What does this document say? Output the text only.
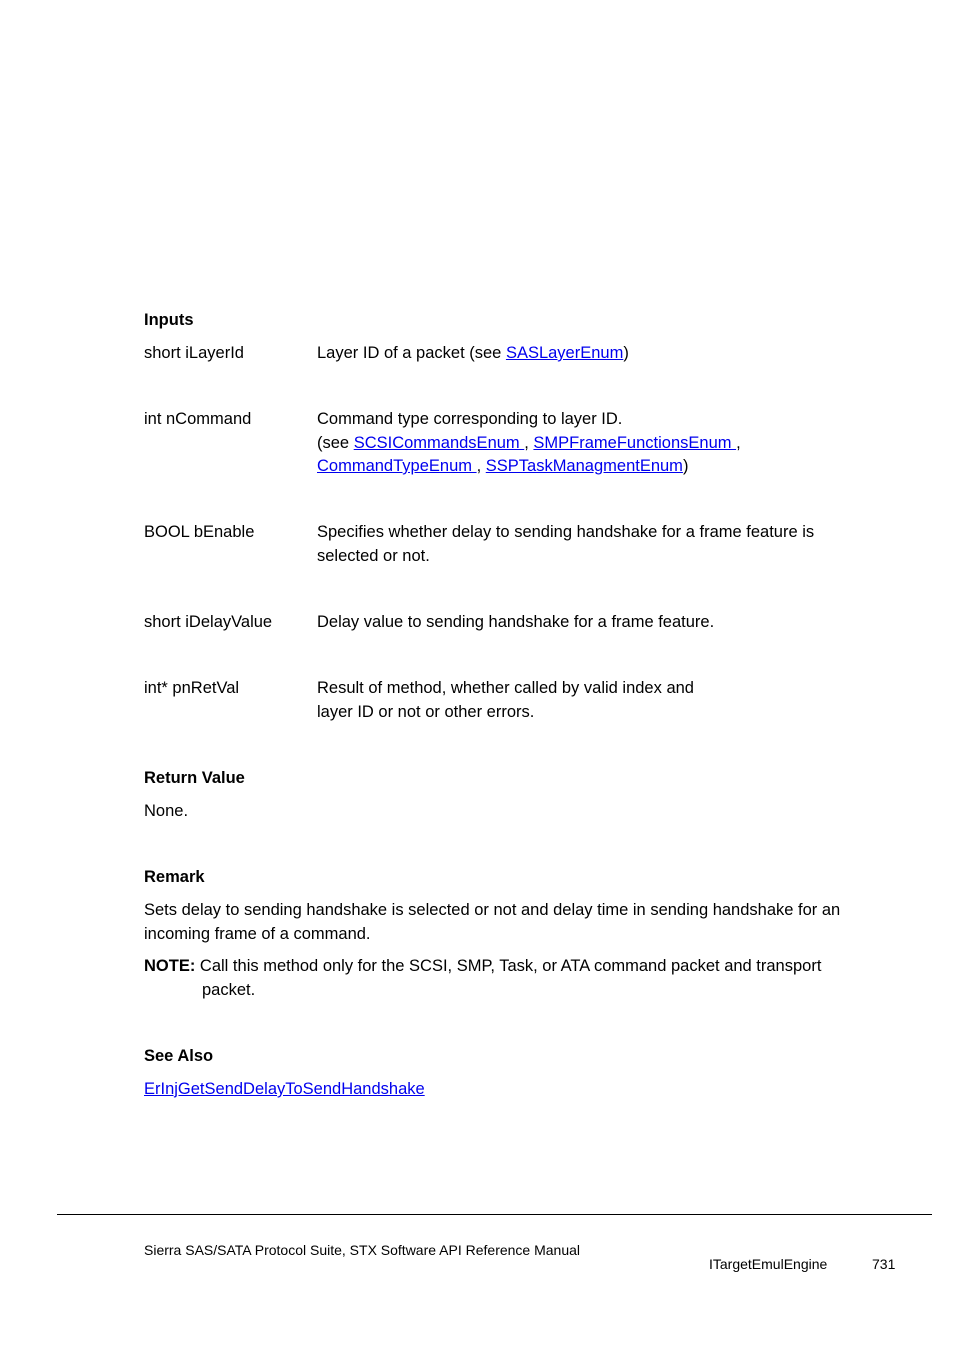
Inputs
short iLayerId	Layer ID of a packet (see SASLayerEnum)
int nCommand	Command type corresponding to layer ID.
(see SCSICommandsEnum , SMPFrameFunctionsEnum ,
CommandTypeEnum , SSPTaskManagmentEnum)
BOOL bEnable	Specifies whether delay to sending handshake for a frame feature is selected or not.
short iDelayValue	Delay value to sending handshake for a frame feature.
int* pnRetVal	Result of method, whether called by valid index and
layer ID or not or other errors.
Return Value
None.
Remark
Sets delay to sending handshake is selected or not and delay time in sending handshake for an incoming frame of a command.
NOTE: Call this method only for the SCSI, SMP, Task, or ATA command packet and transport
packet.
See Also
ErInjGetSendDelayToSendHandshake
Sierra SAS/SATA Protocol Suite, STX Software API Reference Manual
ITargetEmulEngine	731
